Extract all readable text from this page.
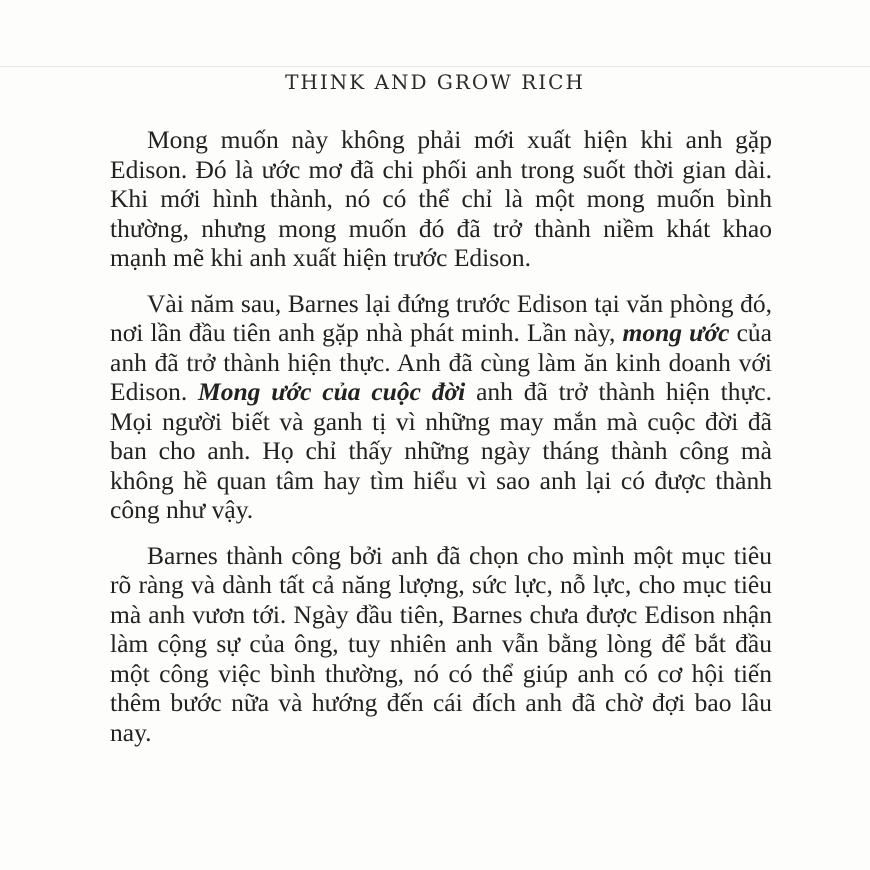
THINK AND GROW RICH

Mong muốn này không phải mới xuất hiện khi anh gặp Edison. Đó là ước mơ đã chi phối anh trong suốt thời gian dài. Khi mới hình thành, nó có thể chỉ là một mong muốn bình thường, nhưng mong muốn đó đã trở thành niềm khát khao mạnh mẽ khi anh xuất hiện trước Edison.

Vài năm sau, Barnes lại đứng trước Edison tại văn phòng đó, nơi lần đầu tiên anh gặp nhà phát minh. Lần này, mong ước của anh đã trở thành hiện thực. Anh đã cùng làm ăn kinh doanh với Edison. Mong ước của cuộc đời anh đã trở thành hiện thực. Mọi người biết và ganh tị vì những may mắn mà cuộc đời đã ban cho anh. Họ chỉ thấy những ngày tháng thành công mà không hề quan tâm hay tìm hiểu vì sao anh lại có được thành công như vậy.

Barnes thành công bởi anh đã chọn cho mình một mục tiêu rõ ràng và dành tất cả năng lượng, sức lực, nỗ lực, cho mục tiêu mà anh vươn tới. Ngày đầu tiên, Barnes chưa được Edison nhận làm cộng sự của ông, tuy nhiên anh vẫn bằng lòng để bắt đầu một công việc bình thường, nó có thể giúp anh có cơ hội tiến thêm bước nữa và hướng đến cái đích anh đã chờ đợi bao lâu nay.
